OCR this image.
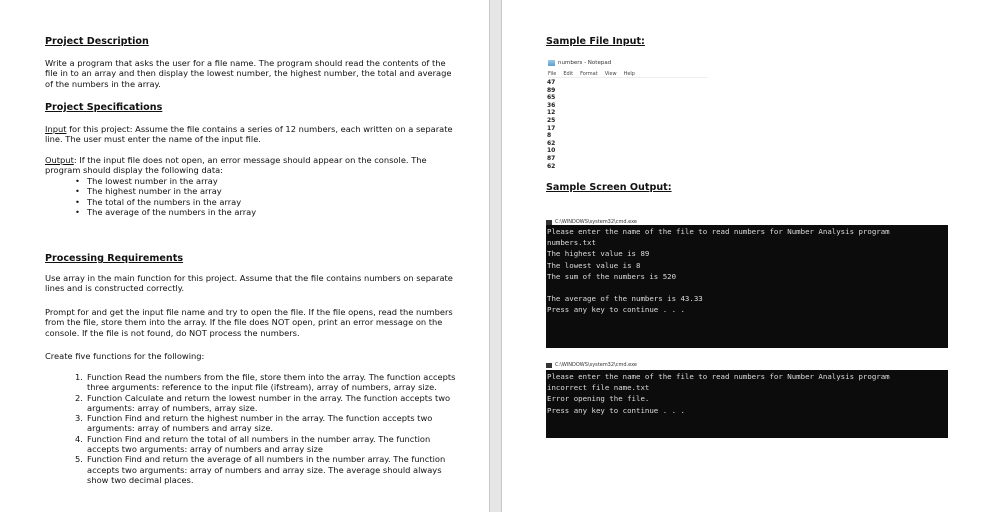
Project Description

Write a program that asks the user for a file name. The program should read the contents of the file in to an array and then display the lowest number, the highest number, the total and average of the numbers in the array.

Project Specifications

Input for this project: Assume the file contains a series of 12 numbers, each written on a separate line. The user must enter the name of the input file.

Output: If the input file does not open, an error message should appear on the console. The program should display the following data:

• The lowest number in the array
• The highest number in the array
• The total of the numbers in the array
• The average of the numbers in the array
Processing Requirements

Use array in the main function for this project. Assume that the file contains numbers on separate lines and is constructed correctly.

Prompt for and get the input file name and try to open the file. If the file opens, read the numbers from the file, store them into the array. If the file does NOT open, print an error message on the console. If the file is not found, do NOT process the numbers.

Create five functions for the following:

1. Function Read the numbers from the file, store them into the array. The function accepts three arguments: reference to the input file (ifstream), array of numbers, array size.
2. Function Calculate and return the lowest number in the array. The function accepts two arguments: array of numbers, array size.
3. Function Find and return the highest number in the array. The function accepts two arguments: array of numbers and array size.
4. Function Find and return the total of all numbers in the number array. The function accepts two arguments: array of numbers and array size
5. Function Find and return the average of all numbers in the number array. The function accepts two arguments: array of numbers and array size. The average should always show two decimal places.
Sample File Input:
numbers - Notepad
File Edit Format View Help
47
89
65
36
12
25
17
8
62
10
87
62
Sample Screen Output:
C:\WINDOWS\system32\cmd.exe
Please enter the name of the file to read numbers for Number Analysis program
numbers.txt
The highest value is 89
The lowest value is 8
The sum of the numbers is 520

The average of the numbers is 43.33
Press any key to continue . . .
C:\WINDOWS\system32\cmd.exe
Please enter the name of the file to read numbers for Number Analysis program
incorrect file name.txt
Error opening the file.
Press any key to continue . . .
